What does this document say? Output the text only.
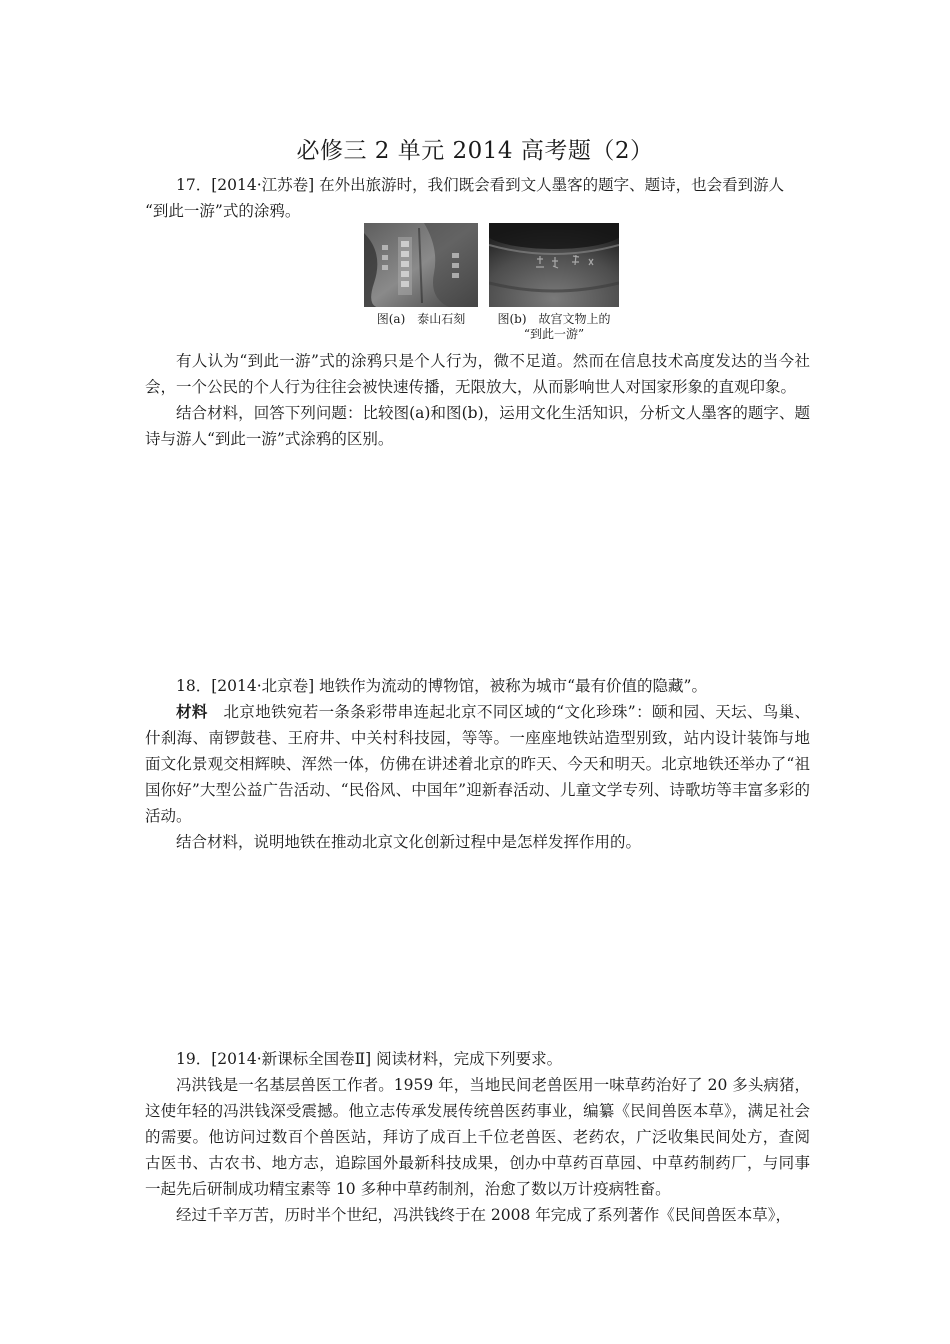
必修三 2 单元 2014 高考题（2）

17．[2014·江苏卷] 在外出旅游时，我们既会看到文人墨客的题字、题诗，也会看到游人

“到此一游”式的涂鸦。

图(a)　泰山石刻	图(b)　故宫文物上的
“到此一游”

有人认为“到此一游”式的涂鸦只是个人行为，微不足道。然而在信息技术高度发达的当今社会，一个公民的个人行为往往会被快速传播，无限放大，从而影响世人对国家形象的直观印象。

结合材料，回答下列问题：比较图(a)和图(b)，运用文化生活知识，分析文人墨客的题字、题诗与游人“到此一游”式涂鸦的区别。

18．[2014·北京卷] 地铁作为流动的博物馆，被称为城市“最有价值的隐藏”。

材料　北京地铁宛若一条条彩带串连起北京不同区域的“文化珍珠”：颐和园、天坛、鸟巢、什刹海、南锣鼓巷、王府井、中关村科技园，等等。一座座地铁站造型别致，站内设计装饰与地面文化景观交相辉映、浑然一体，仿佛在讲述着北京的昨天、今天和明天。北京地铁还举办了“祖国你好”大型公益广告活动、“民俗风、中国年”迎新春活动、儿童文学专列、诗歌坊等丰富多彩的活动。

结合材料，说明地铁在推动北京文化创新过程中是怎样发挥作用的。

19．[2014·新课标全国卷Ⅱ] 阅读材料，完成下列要求。

冯洪钱是一名基层兽医工作者。1959 年，当地民间老兽医用一味草药治好了 20 多头病猪，这使年轻的冯洪钱深受震撼。他立志传承发展传统兽医药事业，编纂《民间兽医本草》，满足社会的需要。他访问过数百个兽医站，拜访了成百上千位老兽医、老药农，广泛收集民间处方，查阅古医书、古农书、地方志，追踪国外最新科技成果，创办中草药百草园、中草药制药厂，与同事一起先后研制成功精宝素等 10 多种中草药制剂，治愈了数以万计疫病牲畜。

经过千辛万苦，历时半个世纪，冯洪钱终于在 2008 年完成了系列著作《民间兽医本草》，
